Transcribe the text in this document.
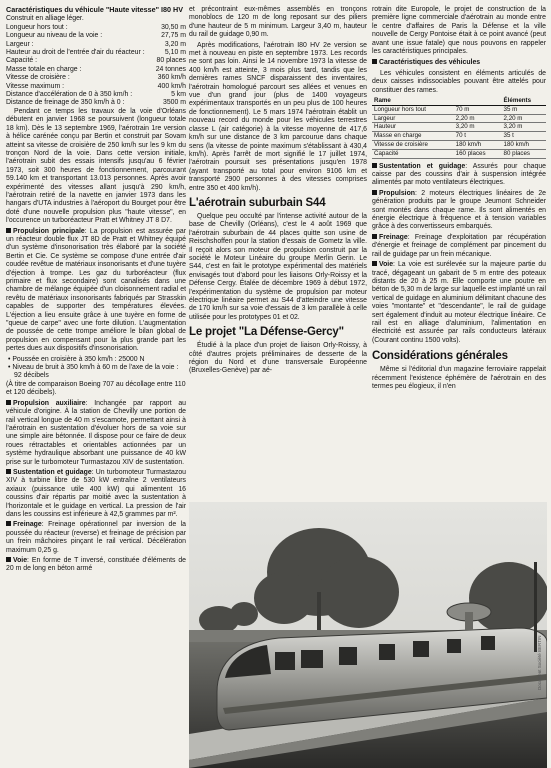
Caractéristiques du véhicule "Haute vitesse" I80 HV
Construit en alliage léger.
Longueur hors tout :	30,50 m
Longueur au niveau de la voie :	27,75 m
Largeur :	3,20 m
Hauteur au droit de l'entrée d'air du réacteur :	5,10 m
Capacité :	80 places
Masse totale en charge :	24 tonnes
Vitesse de croisière :	360 km/h
Vitesse maximum :	400 km/h
Distance d'accélération de 0 à 350 km/h :	5 km
Distance de freinage de 350 km/h à 0 :	3500 m

Pendant ce temps les travaux de la voie d'Orléans débutent en janvier 1968 se poursuivent (longueur totale 18 km). Dès le 13 septembre 1969, l'aérotrain 1re version à hélice carénée conçu par Bertin et construit par Sovam atteint sa vitesse de croisière de 250 km/h sur les 9 km du tronçon Nord de la voie. Dans cette version initiale, l'aérotrain subit des essais intensifs jusqu'au 6 février 1973, soit 300 heures de fonctionnement, parcourant 59.140 km et transportant 13.013 personnes. Après avoir expérimenté des vitesses allant jusqu'à 290 km/h, l'aérotrain retiré de la navette en janvier 1973 dans les hangars d'UTA industries à l'aéroport du Bourget pour être doté d'une nouvelle propulsion plus "haute vitesse", en l'occurence un turboréacteur Pratt et Whitney JT 8 D7.

Propulsion principale: La propulsion est assurée par un réacteur double flux JT 8D de Pratt et Whitney équipé d'un système d'insonorisation très élaboré par la société Bertin et Cie. Ce système se compose d'une entrée d'air coudée revêtue de matériaux insonorisants et d'une tuyère d'éjection à trompe. Les gaz du turboréacteur (flux primaire et flux secondaire) sont canalisés dans une chambre de mélange équipée d'un cloisonnement radial et revêtu de matériaux insonorisants fabriqués par Strasskin capables de supporter des températures élevées. L'éjection a lieu ensuite grâce à une tuyère en forme de "queue de carpe" avec une forte dilution. L'augmentation de poussée de cette trompe améliore le bilan global de propulsion en compensant pour la plus grande part les pertes dues aux dispositifs d'insonorisation.
• Poussée en croisière à 350 km/h : 25000 N
• Niveau de bruit à 350 km/h à 60 m de l'axe de la voie : 92 décibels
(À titre de comparaison Boeing 707 au décollage entre 110 et 120 décibels).
Propulsion auxiliaire: Inchangée par rapport au véhicule d'origine. À la station de Chevilly une portion de rail vertical longue de 40 m s'escamote, permettant ainsi à l'aérotrain en sustentation d'évoluer hors de sa voie sur une simple aire bétonnée. Il dispose pour ce faire de deux roues rétractables et orientables actionnées par un système hydraulique absorbant une puissance de 40 kW prise sur le turbomoteur Turmastazou XIV de sustentation.
Sustentation et guidage: Un turbomoteur Turmastazou XIV à turbine libre de 530 kW entraîne 2 ventilateurs axiaux (puissance utile 400 kW) qui alimentent 16 coussins d'air répartis par moitié avec la sustentation à l'horizontale et le guidage en vertical. La pression de l'air dans les coussins est inférieure à 42,5 grammes par m².
Freinage: Freinage opérationnel par inversion de la poussée du réacteur (reverse) et freinage de précision par un frein mâchoires pinçant le rail vertical. Décélération maximum 0,25 g.
Voie: En forme de T inversé, constituée d'éléments de 20 m de long en béton armé

et précontraint eux-mêmes assemblés en tronçons monoblocs de 120 m de long reposant sur des piliers d'une hauteur de 5 m minimum. Largeur 3,40 m, hauteur du rail de guidage 0,90 m.

Après modifications, l'aérotrain I80 HV 2e version se met à nouveau en piste en septembre 1973. Les records ne sont pas loin. Ainsi le 14 novembre 1973 la vitesse de 400 km/h est atteinte, 3 mois plus tard, tandis que les dernières rames SNCF disparaissent des inventaires, l'aérotrain homologué parcourt ses allées et venues en vue d'un grand jour (plus de 1400 voyageurs expérimentaux transportés en un peu plus de 100 heures de fonctionnement). Le 5 mars 1974 l'aérotrain établit un nouveau record du monde pour les véhicules terrestres classe L (air catégorie) à la vitesse moyenne de 417,6 km/h sur une distance de 3 km parcourue dans chaque sens (la vitesse de pointe maximum s'établissant à 430,4 km/h). Après l'arrêt de mort signifié le 17 juillet 1974, l'aérotrain poursuit ses présentations jusqu'en 1978 (ayant transporté au total pour environ 9106 km et transporté 2900 personnes à des vitesses comprises entre 350 et 400 km/h).

L'aérotrain suburbain S44

Quelque peu occulté par l'intense activité autour de la base de Chevilly (Orléans), c'est le 4 août 1969 que l'aérotrain suburbain de 44 places quitte son usine de Reischshoffen pour la station d'essais de Gometz la ville. Il reçoit alors son moteur de propulsion construit par la société le Moteur Linéaire du groupe Merlin Gerin. Le S44, c'est en fait le prototype expérimental des matériels envisagés tout d'abord pour les liaisons Orly-Roissy et la Défense Cergy. Étalée de décembre 1969 à début 1972, l'expérimentation du système de propulsion par moteur électrique linéaire permet au S44 d'atteindre une vitesse de 170 km/h sur sa voie d'essais de 3 km parallèle à celle utilisée pour les prototypes 01 et 02.

Le projet "La Défense-Gercy"

Étudié à la place d'un projet de liaison Orly-Roissy, à côté d'autres projets préliminaires de desserte de la région du Nord et d'une transversale Européenne (Bruxelles-Genève) par aé-

rotrain dite Europole, le projet de construction de la première ligne commerciale d'aérotrain au monde entre le centre d'affaires de Paris la Défense et la ville nouvelle de Cergy Pontoise était à ce point avancé (peut avant une issue fatale) que nous pouvons en rappeler les caractéristiques principales.

Caractéristiques des véhicules

Les véhicules consistent en éléments articulés de deux caisses indissociables pouvant être attelés pour constituer des rames.

Rame		Éléments
Longueur hors tout	70 m	35 m
Largeur	2,20 m	2,20 m
Hauteur	3,20 m	3,20 m
Masse en charge	70 t	35 t
Vitesse de croisière	180 km/h	180 km/h
Capacité	160 places	80 places
Sustentation et guidage: Assurés pour chaque caisse par des coussins d'air à suspension intégrée alimentés par moto ventilateurs électriques.
Propulsion: 2 moteurs électriques linéaires de 2e génération produits par le groupe Jeumont Schneider sont montés dans chaque rame. Ils sont alimentés en énergie électrique à fréquence et à tension variables grâce à des convertisseurs embarqués.
Freinage: Freinage d'exploitation par récupération d'énergie et freinage de complément par pincement du rail de guidage par un frein mécanique.
Voie: La voie est surélevée sur la majeure partie du tracé, dégageant un gabarit de 5 m entre des poteaux distants de 20 à 25 m. Elle comporte une poutre en béton de 5,30 m de large sur laquelle est implanté un rail vertical de guidage en aluminium délimitant chacune des voies "montante" et "descendante", le rail de guidage sert également d'induit au moteur électrique linéaire. Ce rail est en alliage d'aluminium, l'alimentation en électricité est assurée par rails conducteurs latéraux (Courant continu 1500 volts).
Considérations générales

Même si l'éditorial d'un magazine ferroviaire rappelait récemment l'existence éphémère de l'aérotrain en des termes peu élogieux, il n'en

Document Société BERTIN
